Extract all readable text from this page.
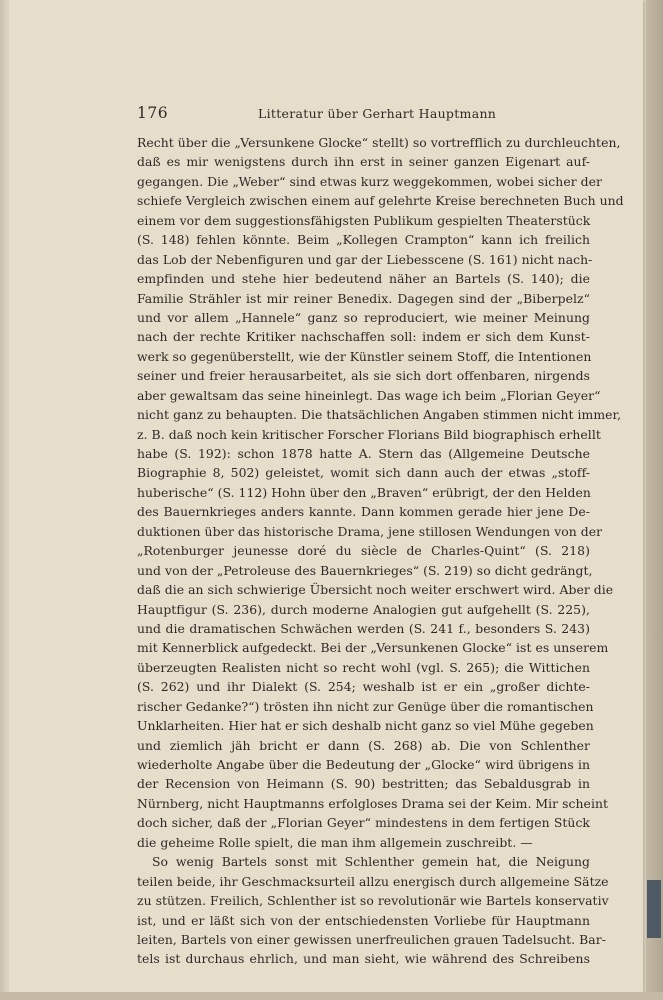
176	Litteratur über Gerhart Hauptmann
Recht über die „Versunkene Glocke“ stellt) so vortrefflich zu durchleuchten,
daß es mir wenigstens durch ihn erst in seiner ganzen Eigenart auf-
gegangen. Die „Weber“ sind etwas kurz weggekommen, wobei sicher der
schiefe Vergleich zwischen einem auf gelehrte Kreise berechneten Buch und
einem vor dem suggestionsfähigsten Publikum gespielten Theaterstück
(S. 148) fehlen könnte. Beim „Kollegen Crampton“ kann ich freilich
das Lob der Nebenfiguren und gar der Liebesscene (S. 161) nicht nach-
empfinden und stehe hier bedeutend näher an Bartels (S. 140); die
Familie Strähler ist mir reiner Benedix. Dagegen sind der „Biberpelz“
und vor allem „Hannele“ ganz so reproduciert, wie meiner Meinung
nach der rechte Kritiker nachschaffen soll: indem er sich dem Kunst-
werk so gegenüberstellt, wie der Künstler seinem Stoff, die Intentionen
seiner und freier herausarbeitet, als sie sich dort offenbaren, nirgends
aber gewaltsam das seine hineinlegt. Das wage ich beim „Florian Geyer“
nicht ganz zu behaupten. Die thatsächlichen Angaben stimmen nicht immer,
z. B. daß noch kein kritischer Forscher Florians Bild biographisch erhellt
habe (S. 192): schon 1878 hatte A. Stern das (Allgemeine Deutsche
Biographie 8, 502) geleistet, womit sich dann auch der etwas „stoff-
huberische“ (S. 112) Hohn über den „Braven“ erübrigt, der den Helden
des Bauernkrieges anders kannte. Dann kommen gerade hier jene De-
duktionen über das historische Drama, jene stillosen Wendungen von der
„Rotenburger jeunesse doré du siècle de Charles-Quint“ (S. 218)
und von der „Petroleuse des Bauernkrieges“ (S. 219) so dicht gedrängt,
daß die an sich schwierige Übersicht noch weiter erschwert wird. Aber die
Hauptfigur (S. 236), durch moderne Analogien gut aufgehellt (S. 225),
und die dramatischen Schwächen werden (S. 241 f., besonders S. 243)
mit Kennerblick aufgedeckt. Bei der „Versunkenen Glocke“ ist es unserem
überzeugten Realisten nicht so recht wohl (vgl. S. 265); die Wittichen
(S. 262) und ihr Dialekt (S. 254; weshalb ist er ein „großer dichte-
rischer Gedanke?“) trösten ihn nicht zur Genüge über die romantischen
Unklarheiten. Hier hat er sich deshalb nicht ganz so viel Mühe gegeben
und ziemlich jäh bricht er dann (S. 268) ab. Die von Schlenther
wiederholte Angabe über die Bedeutung der „Glocke“ wird übrigens in
der Recension von Heimann (S. 90) bestritten; das Sebaldusgrab in
Nürnberg, nicht Hauptmanns erfolgloses Drama sei der Keim. Mir scheint
doch sicher, daß der „Florian Geyer“ mindestens in dem fertigen Stück
die geheime Rolle spielt, die man ihm allgemein zuschreibt. —
So wenig Bartels sonst mit Schlenther gemein hat, die Neigung
teilen beide, ihr Geschmacksurteil allzu energisch durch allgemeine Sätze
zu stützen. Freilich, Schlenther ist so revolutionär wie Bartels konservativ
ist, und er läßt sich von der entschiedensten Vorliebe für Hauptmann
leiten, Bartels von einer gewissen unerfreulichen grauen Tadelsucht. Bar-
tels ist durchaus ehrlich, und man sieht, wie während des Schreibens
